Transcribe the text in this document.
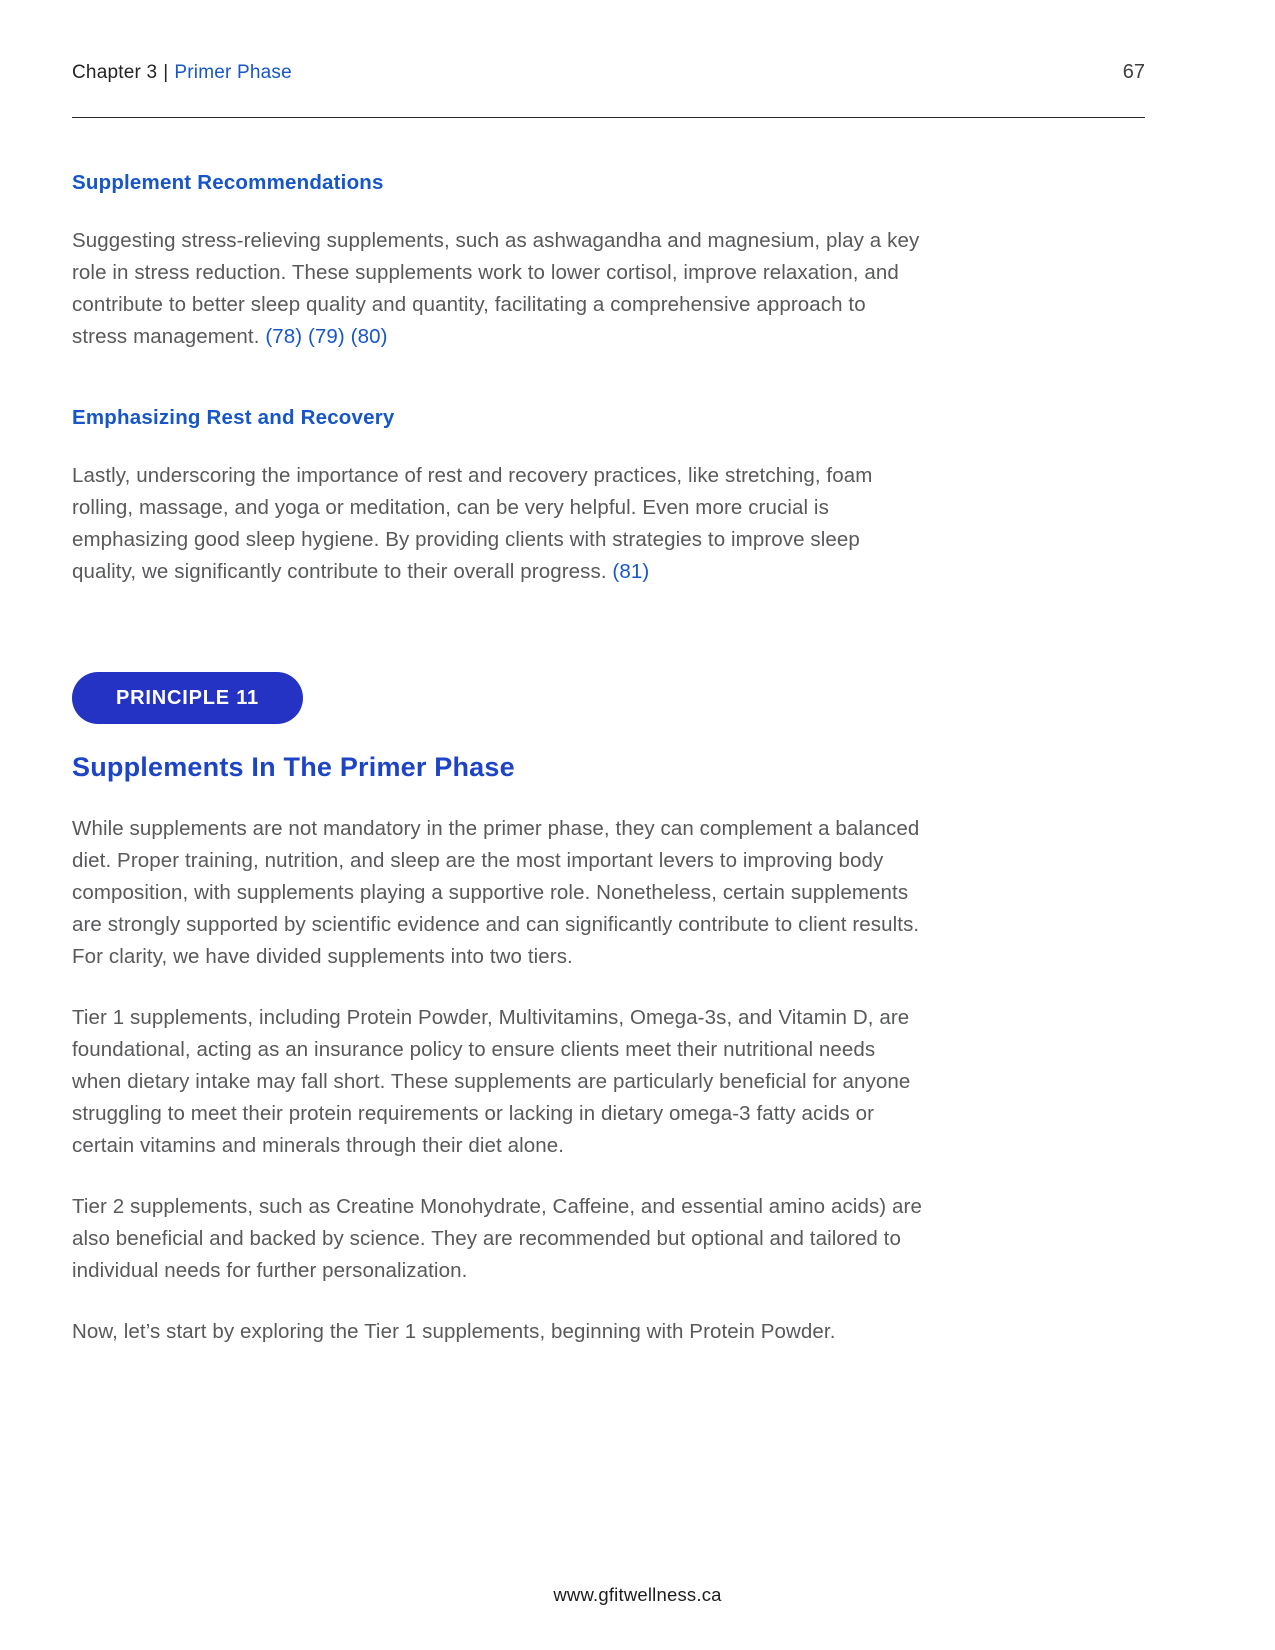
Chapter 3 | Primer Phase	67
Supplement Recommendations

Suggesting stress-relieving supplements, such as ashwagandha and magnesium, play a key role in stress reduction. These supplements work to lower cortisol, improve relaxation, and contribute to better sleep quality and quantity, facilitating a comprehensive approach to stress management. (78) (79) (80)

Emphasizing Rest and Recovery

Lastly, underscoring the importance of rest and recovery practices, like stretching, foam rolling, massage, and yoga or meditation, can be very helpful. Even more crucial is emphasizing good sleep hygiene. By providing clients with strategies to improve sleep quality, we significantly contribute to their overall progress. (81)

PRINCIPLE 11
Supplements In The Primer Phase

While supplements are not mandatory in the primer phase, they can complement a balanced diet. Proper training, nutrition, and sleep are the most important levers to improving body composition, with supplements playing a supportive role. Nonetheless, certain supplements are strongly supported by scientific evidence and can significantly contribute to client results. For clarity, we have divided supplements into two tiers.

Tier 1 supplements, including Protein Powder, Multivitamins, Omega-3s, and Vitamin D, are foundational, acting as an insurance policy to ensure clients meet their nutritional needs when dietary intake may fall short. These supplements are particularly beneficial for anyone struggling to meet their protein requirements or lacking in dietary omega-3 fatty acids or certain vitamins and minerals through their diet alone.

Tier 2 supplements, such as Creatine Monohydrate, Caffeine, and essential amino acids) are also beneficial and backed by science. They are recommended but optional and tailored to individual needs for further personalization.

Now, let’s start by exploring the Tier 1 supplements, beginning with Protein Powder.

www.gfitwellness.ca
